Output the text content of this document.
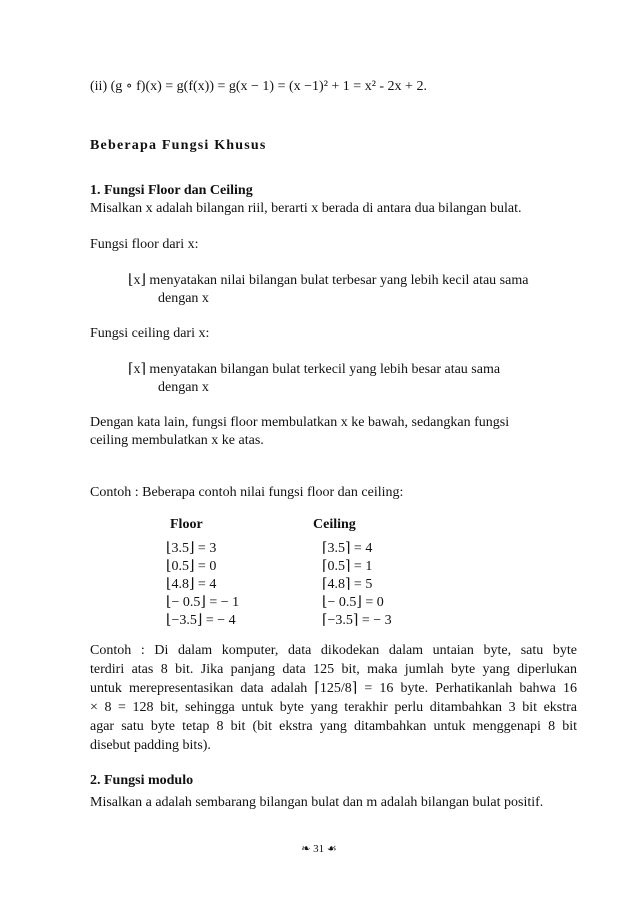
(ii) (g ∘ f)(x) = g(f(x)) = g(x − 1) = (x −1)² + 1 = x² - 2x + 2.
Beberapa Fungsi Khusus
1. Fungsi Floor dan Ceiling
Misalkan x adalah bilangan riil, berarti x berada di antara dua bilangan bulat.
Fungsi floor dari x:
⌊x⌋ menyatakan nilai bilangan bulat terbesar yang lebih kecil atau sama
dengan x
Fungsi ceiling dari x:
⌈x⌉ menyatakan bilangan bulat terkecil yang lebih besar atau sama
dengan x
Dengan kata lain, fungsi floor membulatkan x ke bawah, sedangkan fungsi
ceiling membulatkan x ke atas.
Contoh : Beberapa contoh nilai fungsi floor dan ceiling:
Floor	Ceiling
⌊3.5⌋ = 3
⌊0.5⌋ = 0
⌊4.8⌋ = 4
⌊− 0.5⌋ = − 1
⌊−3.5⌋ = − 4
⌈3.5⌉ = 4
⌈0.5⌉ = 1
⌈4.8⌉ = 5
⌊− 0.5⌋ = 0
⌈−3.5⌉ = − 3
Contoh : Di dalam komputer, data dikodekan dalam untaian byte, satu byte
terdiri atas 8 bit. Jika panjang data 125 bit, maka jumlah byte yang diperlukan
untuk merepresentasikan data adalah ⌈125/8⌉ = 16 byte. Perhatikanlah bahwa 16
× 8 = 128 bit, sehingga untuk byte yang terakhir perlu ditambahkan 3 bit ekstra
agar satu byte tetap 8 bit (bit ekstra yang ditambahkan untuk menggenapi 8 bit
disebut padding bits).
2. Fungsi modulo
Misalkan a adalah sembarang bilangan bulat dan m adalah bilangan bulat positif.
❧ 31 ☙
